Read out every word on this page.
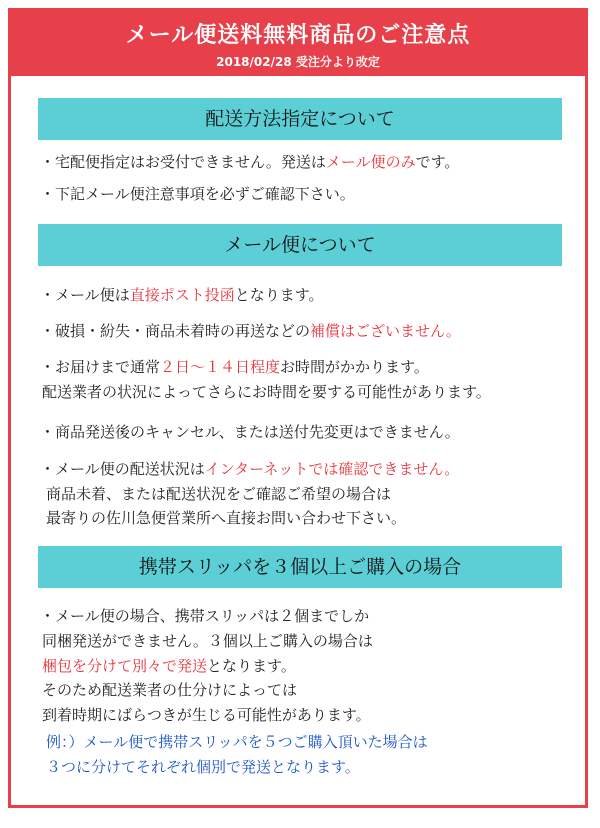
メール便送料無料商品のご注意点
2018/02/28 受注分より改定
配送方法指定について
・宅配便指定はお受付できません。発送はメール便のみです。
・下記メール便注意事項を必ずご確認下さい。
メール便について
・メール便は直接ポスト投函となります。
・破損・紛失・商品未着時の再送などの補償はございません。
・お届けまで通常２日～１４日程度お時間がかかります。
配送業者の状況によってさらにお時間を要する可能性があります。
・商品発送後のキャンセル、または送付先変更はできません。
・メール便の配送状況はインターネットでは確認できません。
商品未着、または配送状況をご確認ご希望の場合は
最寄りの佐川急便営業所へ直接お問い合わせ下さい。
携帯スリッパを３個以上ご購入の場合
・メール便の場合、携帯スリッパは２個までしか
同梱発送ができません。３個以上ご購入の場合は
梱包を分けて別々で発送となります。
そのため配送業者の仕分けによっては
到着時期にばらつきが生じる可能性があります。
例：）メール便で携帯スリッパを５つご購入頂いた場合は
３つに分けてそれぞれ個別で発送となります。
